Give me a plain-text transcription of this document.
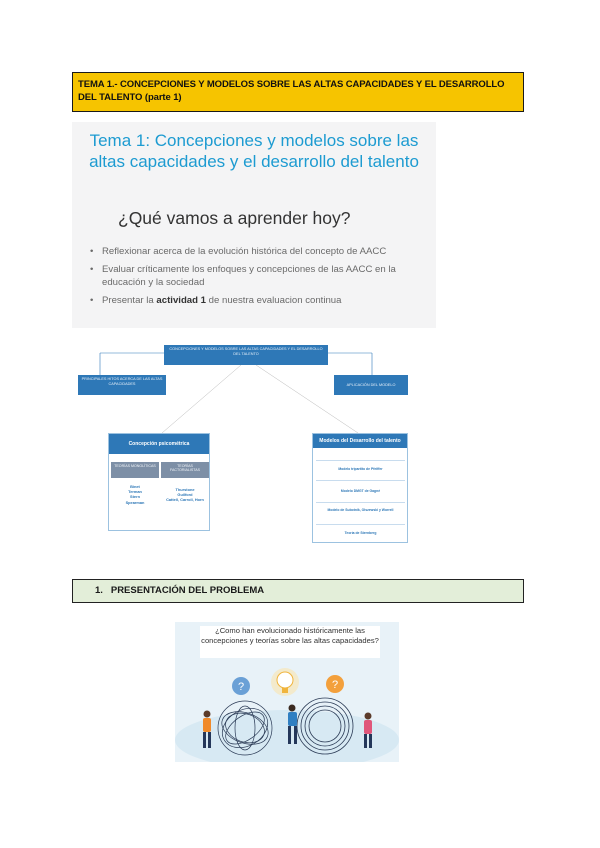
TEMA 1.- CONCEPCIONES Y MODELOS SOBRE LAS ALTAS CAPACIDADES Y EL DESARROLLO DEL TALENTO (parte 1)
Tema 1: Concepciones y modelos sobre las altas capacidades y el desarrollo del talento
¿Qué vamos a aprender hoy?
• Reflexionar acerca de la evolución histórica del concepto de AACC
• Evaluar críticamente los enfoques y concepciones de las AACC en la educación y la sociedad
• Presentar la actividad 1 de nuestra evaluacion continua
CONCEPCIONES Y MODELOS SOBRE LAS ALTAS CAPACIDADES Y EL DESARROLLO DEL TALENTO
PRINCIPALES HITOS ACERCA DE LAS ALTAS CAPACIDADES	APLICACIÓN DEL MODELO
Concepción psicométrica
TEORÍAS MONOLÍTICAS	TEORÍAS FACTORIALISTAS
Binet
Terman
Stern
Spearman
Thurstone
Guilford
Cattell, Carroll, Horn
Modelos del Desarrollo del talento
Modelo tripartito de Pfeiffer
Modelo DMGT de Gagné
Modelo de Subotnik, Olszewski y Worrell
Teoría de Sternberg
1. PRESENTACIÓN DEL PROBLEMA
?	?
¿Como han evolucionado históricamente las concepciones y teorías sobre las altas capacidades?
